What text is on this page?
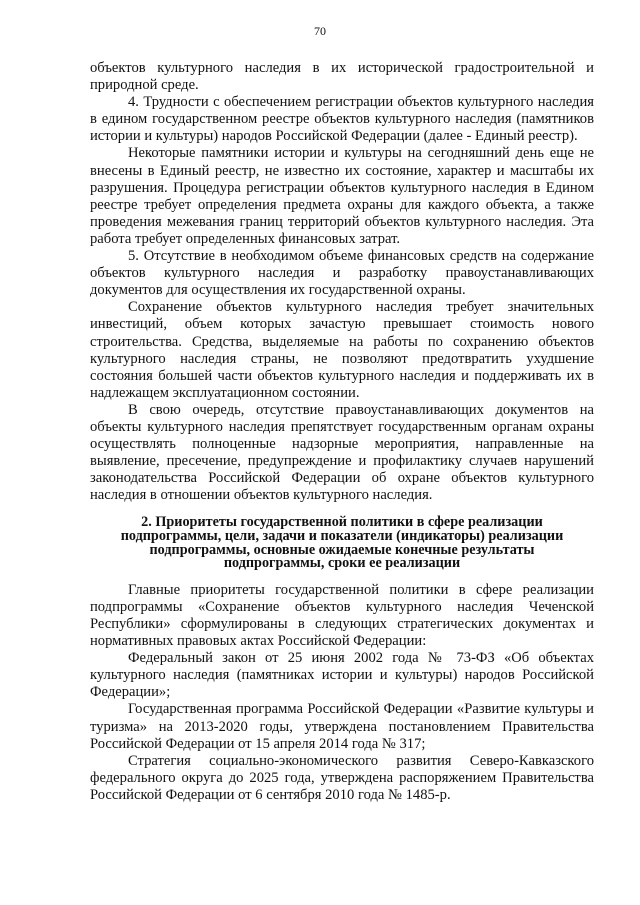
70

объектов культурного наследия в их исторической градостроительной и природной среде.

4. Трудности с обеспечением регистрации объектов культурного наследия в едином государственном реестре объектов культурного наследия (памятников истории и культуры) народов Российской Федерации (далее - Единый реестр).

Некоторые памятники истории и культуры на сегодняшний день еще не внесены в Единый реестр, не известно их состояние, характер и масштабы их разрушения. Процедура регистрации объектов культурного наследия в Едином реестре требует определения предмета охраны для каждого объекта, а также проведения межевания границ территорий объектов культурного наследия. Эта работа требует определенных финансовых затрат.

5. Отсутствие в необходимом объеме финансовых средств на содержание объектов культурного наследия и разработку правоустанавливающих документов для осуществления их государственной охраны.

Сохранение объектов культурного наследия требует значительных инвестиций, объем которых зачастую превышает стоимость нового строительства. Средства, выделяемые на работы по сохранению объектов культурного наследия страны, не позволяют предотвратить ухудшение состояния большей части объектов культурного наследия и поддерживать их в надлежащем эксплуатационном состоянии.

В свою очередь, отсутствие правоустанавливающих документов на объекты культурного наследия препятствует государственным органам охраны осуществлять полноценные надзорные мероприятия, направленные на выявление, пресечение, предупреждение и профилактику случаев нарушений законодательства Российской Федерации об охране объектов культурного наследия в отношении объектов культурного наследия.

2. Приоритеты государственной политики в сфере реализации подпрограммы, цели, задачи и показатели (индикаторы) реализации подпрограммы, основные ожидаемые конечные результаты подпрограммы, сроки ее реализации

Главные приоритеты государственной политики в сфере реализации подпрограммы «Сохранение объектов культурного наследия Чеченской Республики» сформулированы в следующих стратегических документах и нормативных правовых актах Российской Федерации:

Федеральный закон от 25 июня 2002 года № 73-ФЗ «Об объектах культурного наследия (памятниках истории и культуры) народов Российской Федерации»;

Государственная программа Российской Федерации «Развитие культуры и туризма» на 2013-2020 годы, утверждена постановлением Правительства Российской Федерации от 15 апреля 2014 года № 317;

Стратегия социально-экономического развития Северо-Кавказского федерального округа до 2025 года, утверждена распоряжением Правительства Российской Федерации от 6 сентября 2010 года № 1485-р.
